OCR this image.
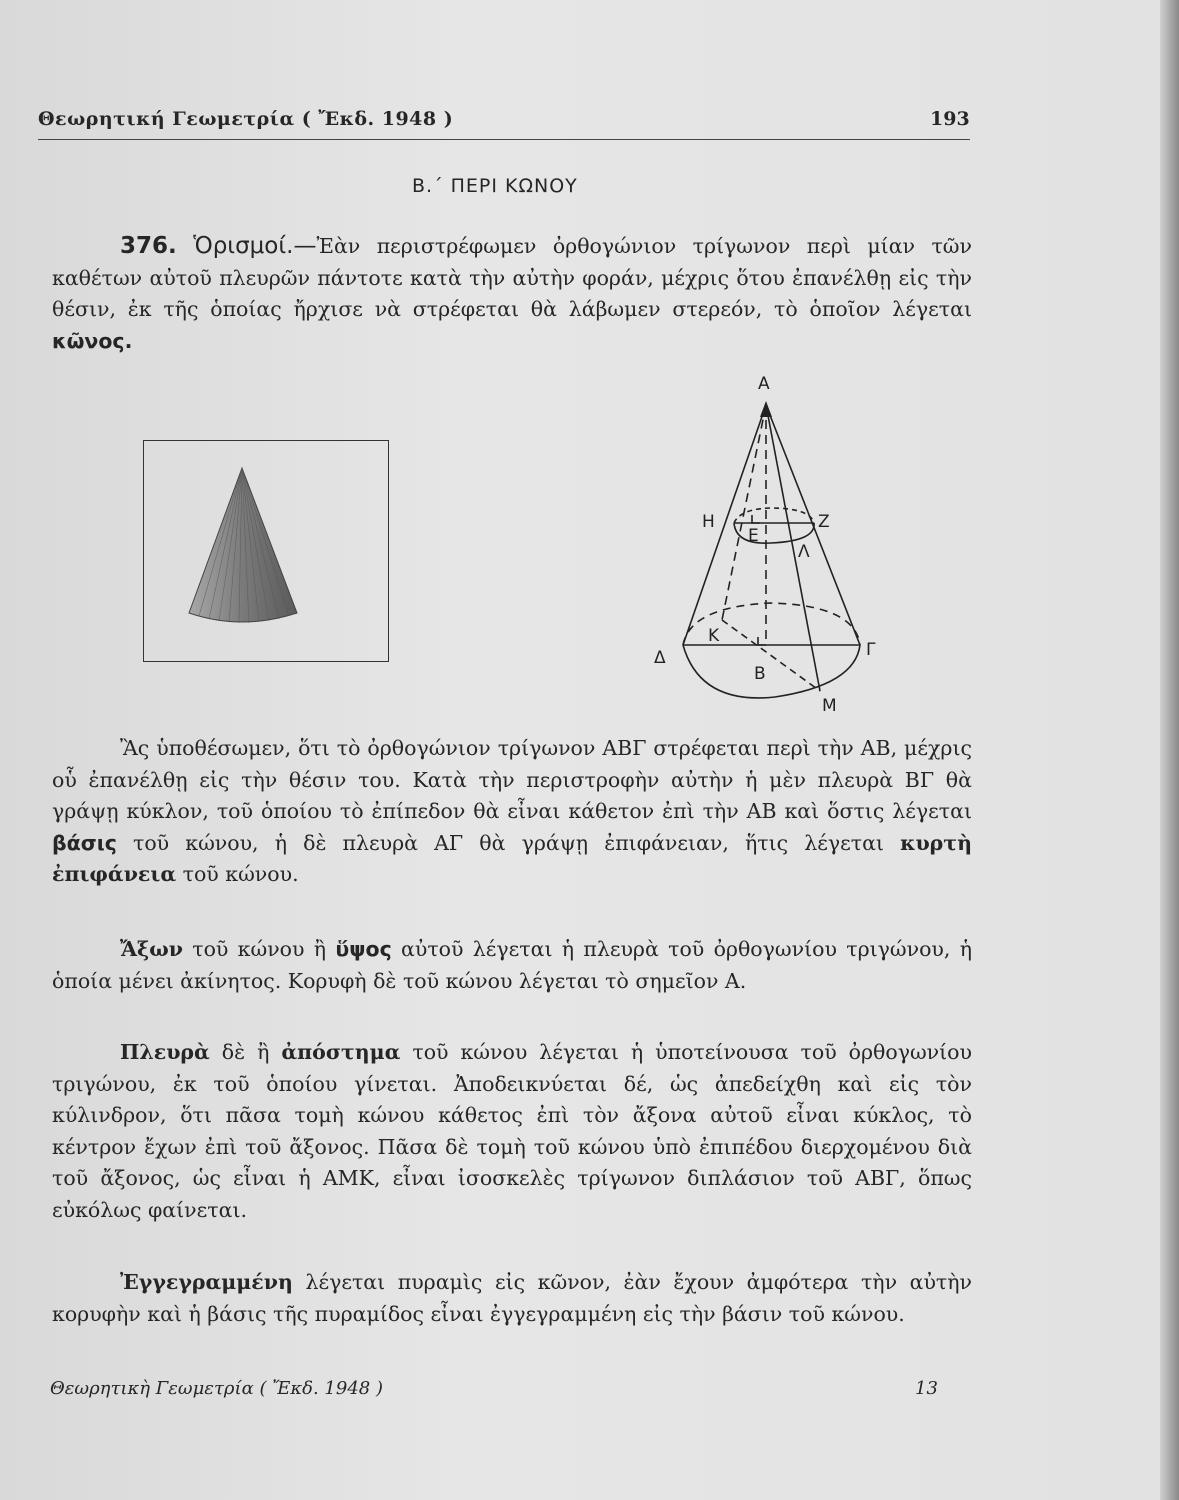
Θεωρητική Γεωμετρία ( Ἔκδ. 1948 )	193
Β.΄ ΠΕΡΙ ΚΩΝΟΥ
376. Ὁρισμοί.—Ἐὰν περιστρέφωμεν ὀρθογώνιον τρίγωνον περὶ μίαν τῶν καθέτων αὐτοῦ πλευρῶν πάντοτε κατὰ τὴν αὐτὴν φοράν, μέχρις ὅτου ἐπανέλθῃ εἰς τὴν θέσιν, ἐκ τῆς ὁποίας ἤρχισε νὰ στρέφεται θὰ λάβωμεν στερεόν, τὸ ὁποῖον λέγεται κῶνος.
Α
Η
Ε
Ζ
Λ
Κ
Δ
Β
Γ
Μ
Ἂς ὑποθέσωμεν, ὅτι τὸ ὀρθογώνιον τρίγωνον ΑΒΓ στρέφεται περὶ τὴν ΑΒ, μέχρις οὗ ἐπανέλθῃ εἰς τὴν θέσιν του. Κατὰ τὴν περιστροφὴν αὐτὴν ἡ μὲν πλευρὰ ΒΓ θὰ γράψῃ κύκλον, τοῦ ὁποίου τὸ ἐπίπεδον θὰ εἶναι κάθετον ἐπὶ τὴν ΑΒ καὶ ὅστις λέγεται βάσις τοῦ κώνου, ἡ δὲ πλευρὰ ΑΓ θὰ γράψῃ ἐπιφάνειαν, ἥτις λέγεται κυρτὴ ἐπιφάνεια τοῦ κώνου.
Ἄξων τοῦ κώνου ἢ ὕψος αὐτοῦ λέγεται ἡ πλευρὰ τοῦ ὀρθογωνίου τριγώνου, ἡ ὁποία μένει ἀκίνητος. Κορυφὴ δὲ τοῦ κώνου λέγεται τὸ σημεῖον Α.
Πλευρὰ δὲ ἢ ἀπόστημα τοῦ κώνου λέγεται ἡ ὑποτείνουσα τοῦ ὀρθογωνίου τριγώνου, ἐκ τοῦ ὁποίου γίνεται. Ἀποδεικνύεται δέ, ὡς ἀπεδείχθη καὶ εἰς τὸν κύλινδρον, ὅτι πᾶσα τομὴ κώνου κάθετος ἐπὶ τὸν ἄξονα αὐτοῦ εἶναι κύκλος, τὸ κέντρον ἔχων ἐπὶ τοῦ ἄξονος. Πᾶσα δὲ τομὴ τοῦ κώνου ὑπὸ ἐπιπέδου διερχομένου διὰ τοῦ ἄξονος, ὡς εἶναι ἡ ΑΜΚ, εἶναι ἰσοσκελὲς τρίγωνον διπλάσιον τοῦ ΑΒΓ, ὅπως εὐκόλως φαίνεται.
Ἐγγεγραμμένη λέγεται πυραμὶς εἰς κῶνον, ἐὰν ἔχουν ἀμφότερα τὴν αὐτὴν κορυφὴν καὶ ἡ βάσις τῆς πυραμίδος εἶναι ἐγγεγραμμένη εἰς τὴν βάσιν τοῦ κώνου.
Θεωρητικὴ Γεωμετρία ( Ἔκδ. 1948 )	13
